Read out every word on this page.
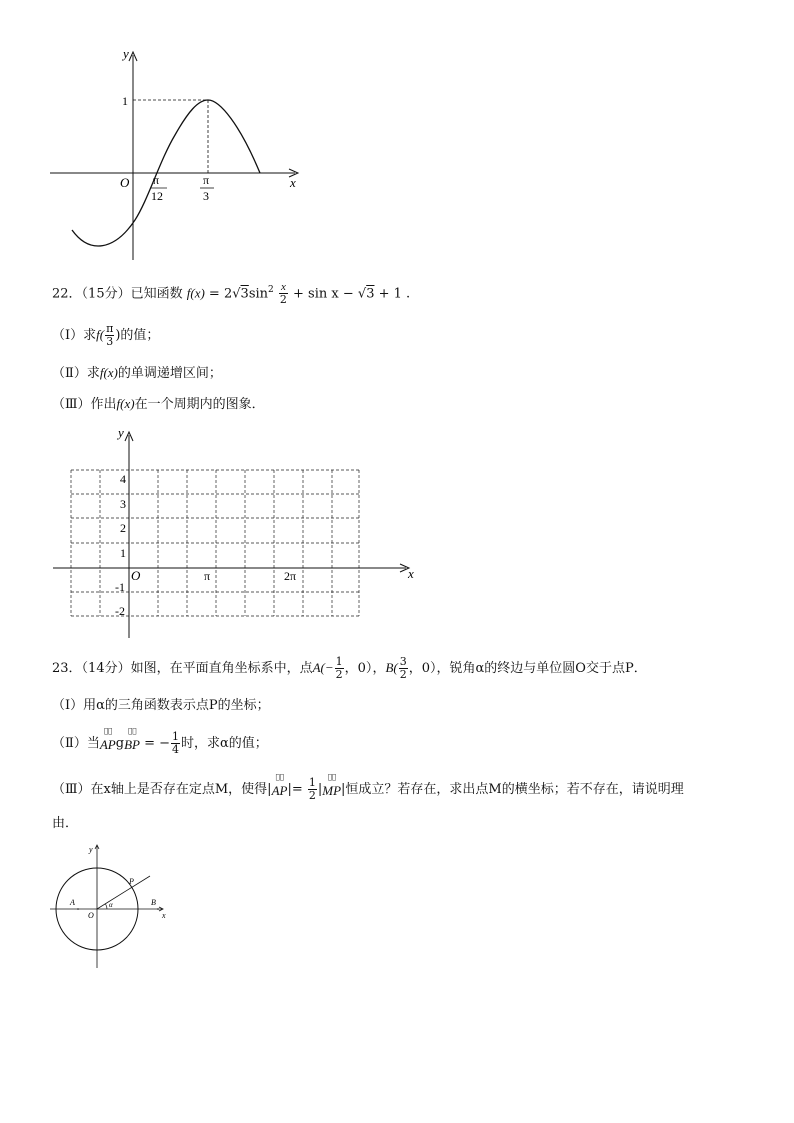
y
x
O
1
π
12
π
3
22．（15分）已知函数 $f(x) = 2√3\sin^2 \frac{x}{2} + \sin x - √3 + 1$ .
（Ⅰ）求$f( \frac{\pi}{3}$ )的值；
（Ⅱ）求f(x)的单调递增区间；
（Ⅲ）作出f(x)在一个周期内的图象．
y
x
O
4
3
2
1
-1
-2
π	2π
23．（14分）如图，在平面直角坐标系中，点$A(- \frac{1}{2}$ ，0），$B( \frac{3}{2}$ ，0），锐角α的终边与单位圆O交于点P．
（Ⅰ）用α的三角函数表示点P的坐标；
（Ⅱ）当
ய⃗
APg
ய⃗
BP = − $\frac{1}{4}$ 时，求α的值；
（Ⅲ）在x轴上是否存在定点M，使得|
ய⃗
$AP|= \frac{1}{2}$ |
ய⃗
MP|恒成立？若存在，求出点M的横坐标；若不存在，请说明理
由．
y
x
O
A	B
P
α
